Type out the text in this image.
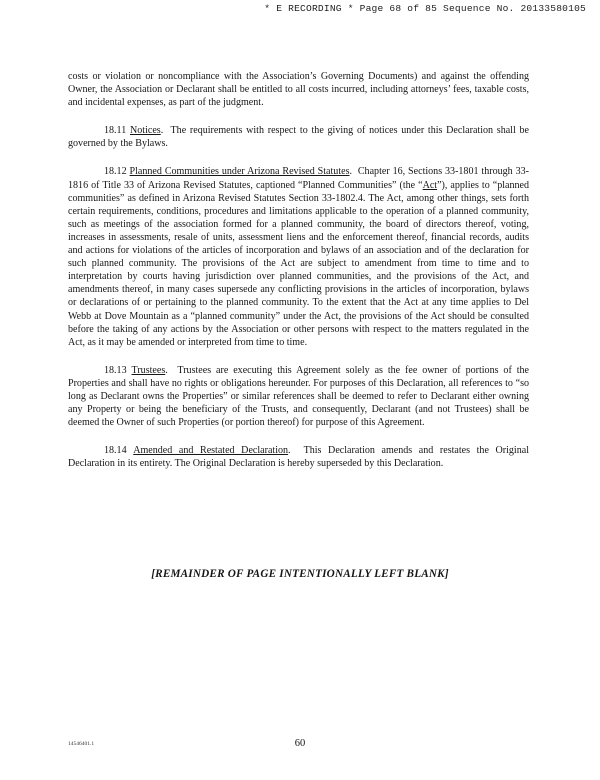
* E RECORDING * Page 68 of 85 Sequence No. 20133580105

costs or violation or noncompliance with the Association’s Governing Documents) and against the offending Owner, the Association or Declarant shall be entitled to all costs incurred, including attorneys’ fees, taxable costs, and incidental expenses, as part of the judgment.

18.11 Notices.  The requirements with respect to the giving of notices under this Declaration shall be governed by the Bylaws.

18.12 Planned Communities under Arizona Revised Statutes.  Chapter 16, Sections 33-1801 through 33-1816 of Title 33 of Arizona Revised Statutes, captioned “Planned Communities” (the “Act”), applies to “planned communities” as defined in Arizona Revised Statutes Section 33-1802.4. The Act, among other things, sets forth certain requirements, conditions, procedures and limitations applicable to the operation of a planned community, such as meetings of the association formed for a planned community, the board of directors thereof, voting, increases in assessments, resale of units, assessment liens and the enforcement thereof, financial records, audits and actions for violations of the articles of incorporation and bylaws of an association and of the declaration for such planned community. The provisions of the Act are subject to amendment from time to time and to interpretation by courts having jurisdiction over planned communities, and the provisions of the Act, and amendments thereof, in many cases supersede any conflicting provisions in the articles of incorporation, bylaws or declarations of or pertaining to the planned community. To the extent that the Act at any time applies to Del Webb at Dove Mountain as a “planned community” under the Act, the provisions of the Act should be consulted before the taking of any actions by the Association or other persons with respect to the matters regulated in the Act, as it may be amended or interpreted from time to time.

18.13 Trustees.  Trustees are executing this Agreement solely as the fee owner of portions of the Properties and shall have no rights or obligations hereunder. For purposes of this Declaration, all references to “so long as Declarant owns the Properties” or similar references shall be deemed to refer to Declarant either owning any Property or being the beneficiary of the Trusts, and consequently, Declarant (and not Trustees) shall be deemed the Owner of such Properties (or portion thereof) for purpose of this Agreement.

18.14 Amended and Restated Declaration.  This Declaration amends and restates the Original Declaration in its entirety. The Original Declaration is hereby superseded by this Declaration.

[REMAINDER OF PAGE INTENTIONALLY LEFT BLANK]
14546401.1	60
